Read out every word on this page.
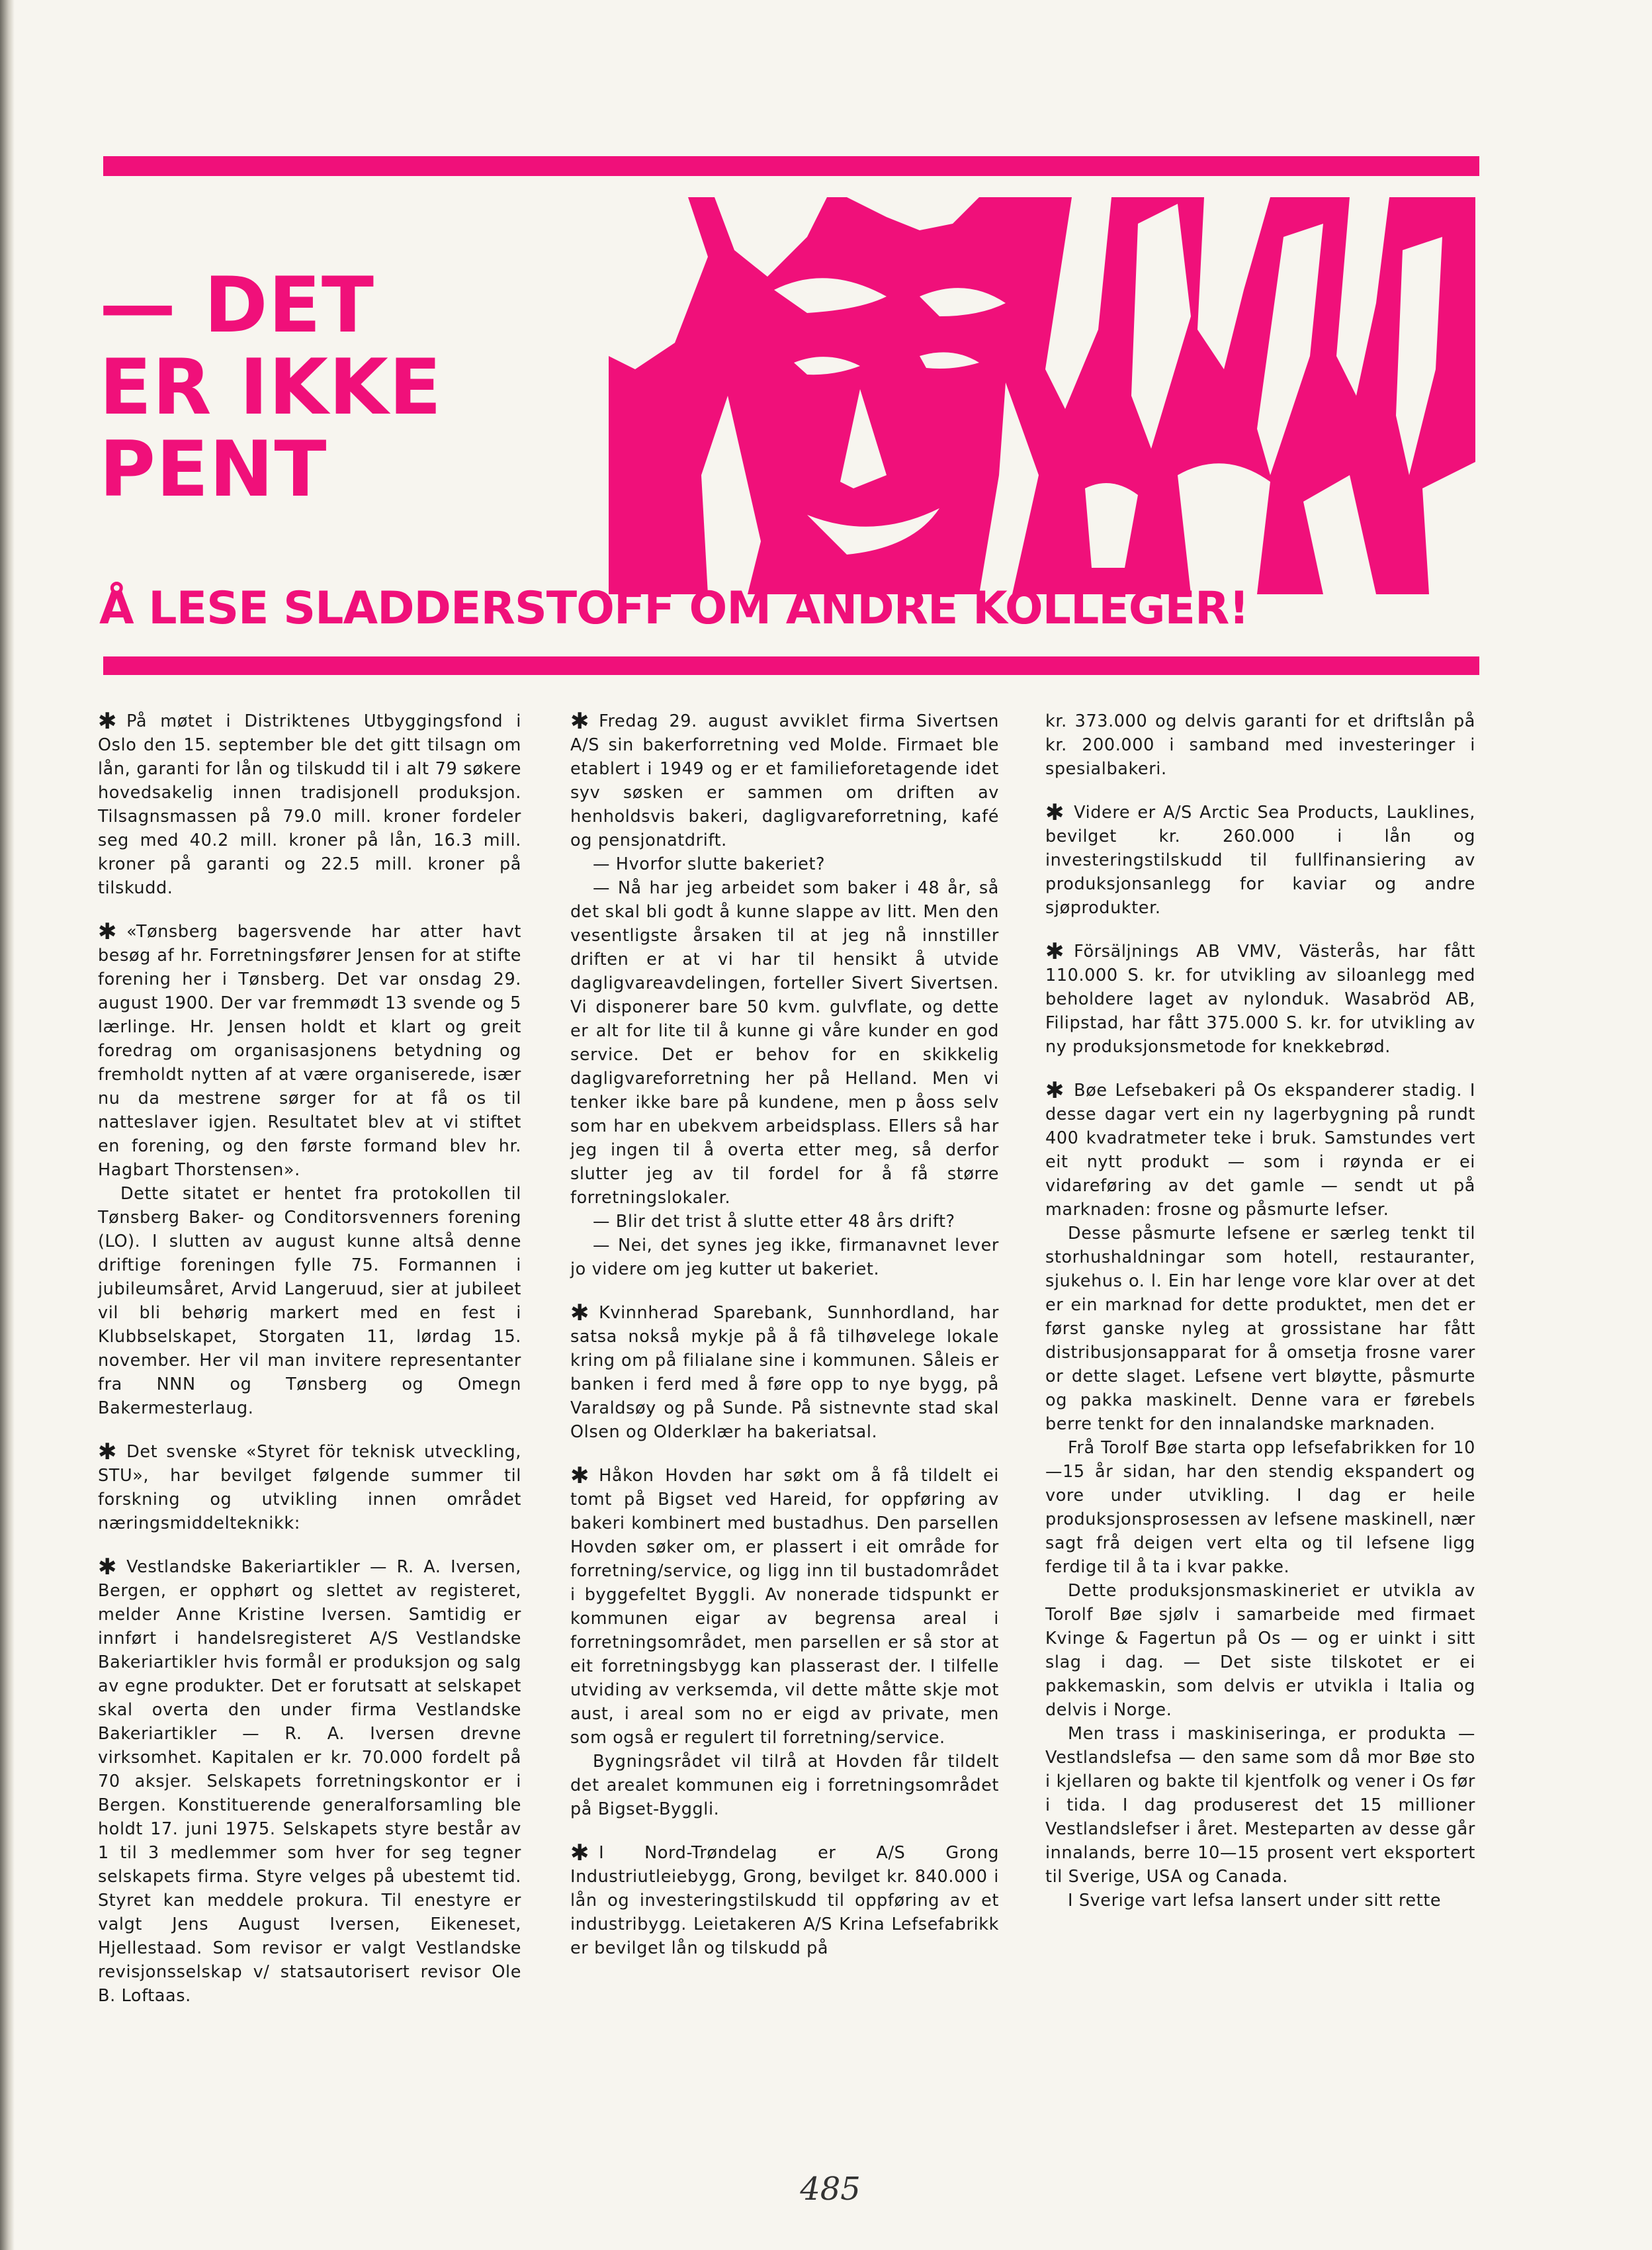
— DET
ER IKKE
PENT
Å LESE SLADDERSTOFF OM ANDRE KOLLEGER!

✱ På møtet i Distriktenes Utbyggingsfond i Oslo den 15. september ble det gitt tilsagn om lån, garanti for lån og tilskudd til i alt 79 søkere hovedsakelig innen tradisjonell produksjon. Tilsagnsmassen på 79.0 mill. kroner fordeler seg med 40.2 mill. kroner på lån, 16.3 mill. kroner på garanti og 22.5 mill. kroner på tilskudd.

✱ «Tønsberg bagersvende har atter havt besøg af hr. Forretningsfører Jensen for at stifte forening her i Tønsberg. Det var onsdag 29. august 1900. Der var fremmødt 13 svende og 5 lærlinge. Hr. Jensen holdt et klart og greit foredrag om organisasjonens betydning og fremholdt nytten af at være organiserede, især nu da mestrene sørger for at få os til natteslaver igjen. Resultatet blev at vi stiftet en forening, og den første formand blev hr. Hagbart Thorstensen».

Dette sitatet er hentet fra protokollen til Tønsberg Baker- og Conditorsvenners forening (LO). I slutten av august kunne altså denne driftige foreningen fylle 75. Formannen i jubileumsåret, Arvid Langeruud, sier at jubileet vil bli behørig markert med en fest i Klubbselskapet, Storgaten 11, lørdag 15. november. Her vil man invitere representanter fra NNN og Tønsberg og Omegn Bakermesterlaug.

✱ Det svenske «Styret för teknisk utveckling, STU», har bevilget følgende summer til forskning og utvikling innen området næringsmiddelteknikk:

✱ Vestlandske Bakeriartikler — R. A. Iversen, Bergen, er opphørt og slettet av registeret, melder Anne Kristine Iversen. Samtidig er innført i handelsregisteret A/S Vestlandske Bakeriartikler hvis formål er produksjon og salg av egne produkter. Det er forutsatt at selskapet skal overta den under firma Vestlandske Bakeriartikler — R. A. Iversen drevne virksomhet. Kapitalen er kr. 70.000 fordelt på 70 aksjer. Selskapets forretningskontor er i Bergen. Konstituerende generalforsamling ble holdt 17. juni 1975. Selskapets styre består av 1 til 3 medlemmer som hver for seg tegner selskapets firma. Styre velges på ubestemt tid. Styret kan meddele prokura. Til enestyre er valgt Jens August Iversen, Eikeneset, Hjellestaad. Som revisor er valgt Vestlandske revisjonsselskap v/ statsautorisert revisor Ole B. Loftaas.

✱ Fredag 29. august avviklet firma Sivertsen A/S sin bakerforretning ved Molde. Firmaet ble etablert i 1949 og er et familieforetagende idet syv søsken er sammen om driften av henholdsvis bakeri, dagligvareforretning, kafé og pensjonatdrift.

— Hvorfor slutte bakeriet?

— Nå har jeg arbeidet som baker i 48 år, så det skal bli godt å kunne slappe av litt. Men den vesentligste årsaken til at jeg nå innstiller driften er at vi har til hensikt å utvide dagligvareavdelingen, forteller Sivert Sivertsen. Vi disponerer bare 50 kvm. gulvflate, og dette er alt for lite til å kunne gi våre kunder en god service. Det er behov for en skikkelig dagligvareforretning her på Helland. Men vi tenker ikke bare på kundene, men p åoss selv som har en ubekvem arbeidsplass. Ellers så har jeg ingen til å overta etter meg, så derfor slutter jeg av til fordel for å få større forretningslokaler.

— Blir det trist å slutte etter 48 års drift?

— Nei, det synes jeg ikke, firmanavnet lever jo videre om jeg kutter ut bakeriet.

✱ Kvinnherad Sparebank, Sunnhordland, har satsa nokså mykje på å få tilhøvelege lokale kring om på filialane sine i kommunen. Såleis er banken i ferd med å føre opp to nye bygg, på Varaldsøy og på Sunde. På sistnevnte stad skal Olsen og Olderklær ha bakeriatsal.

✱ Håkon Hovden har søkt om å få tildelt ei tomt på Bigset ved Hareid, for oppføring av bakeri kombinert med bustadhus. Den parsellen Hovden søker om, er plassert i eit område for forretning/service, og ligg inn til bustadområdet i byggefeltet Byggli. Av nonerade tidspunkt er kommunen eigar av begrensa areal i forretningsområdet, men parsellen er så stor at eit forretningsbygg kan plasserast der. I tilfelle utviding av verksemda, vil dette måtte skje mot aust, i areal som no er eigd av private, men som også er regulert til forretning/service.

Bygningsrådet vil tilrå at Hovden får tildelt det arealet kommunen eig i forretningsområdet på Bigset-Byggli.

✱ I Nord-Trøndelag er A/S Grong Industriutleiebygg, Grong, bevilget kr. 840.000 i lån og investeringstilskudd til oppføring av et industribygg. Leietakeren A/S Krina Lefsefabrikk er bevilget lån og tilskudd på

kr. 373.000 og delvis garanti for et driftslån på kr. 200.000 i samband med investeringer i spesialbakeri.

✱ Videre er A/S Arctic Sea Products, Lauklines, bevilget kr. 260.000 i lån og investeringstilskudd til fullfinansiering av produksjonsanlegg for kaviar og andre sjøprodukter.

✱ Försäljnings AB VMV, Västerås, har fått 110.000 S. kr. for utvikling av siloanlegg med beholdere laget av nylonduk. Wasabröd AB, Filipstad, har fått 375.000 S. kr. for utvikling av ny produksjonsmetode for knekkebrød.

✱ Bøe Lefsebakeri på Os ekspanderer stadig. I desse dagar vert ein ny lagerbygning på rundt 400 kvadratmeter teke i bruk. Samstundes vert eit nytt produkt — som i røynda er ei vidareføring av det gamle — sendt ut på marknaden: frosne og påsmurte lefser.

Desse påsmurte lefsene er særleg tenkt til storhushaldningar som hotell, restauranter, sjukehus o. l. Ein har lenge vore klar over at det er ein marknad for dette produktet, men det er først ganske nyleg at grossistane har fått distribusjonsapparat for å omsetja frosne varer or dette slaget. Lefsene vert bløytte, påsmurte og pakka maskinelt. Denne vara er førebels berre tenkt for den innalandske marknaden.

Frå Torolf Bøe starta opp lefsefabrikken for 10—15 år sidan, har den stendig ekspandert og vore under utvikling. I dag er heile produksjonsprosessen av lefsene maskinell, nær sagt frå deigen vert elta og til lefsene ligg ferdige til å ta i kvar pakke.

Dette produksjonsmaskineriet er utvikla av Torolf Bøe sjølv i samarbeide med firmaet Kvinge & Fagertun på Os — og er uinkt i sitt slag i dag. — Det siste tilskotet er ei pakkemaskin, som delvis er utvikla i Italia og delvis i Norge.

Men trass i maskiniseringa, er produkta — Vestlandslefsa — den same som då mor Bøe sto i kjellaren og bakte til kjentfolk og vener i Os før i tida. I dag produserest det 15 millioner Vestlandslefser i året. Mesteparten av desse går innalands, berre 10—15 prosent vert eksportert til Sverige, USA og Canada.

I Sverige vart lefsa lansert under sitt rette

485
